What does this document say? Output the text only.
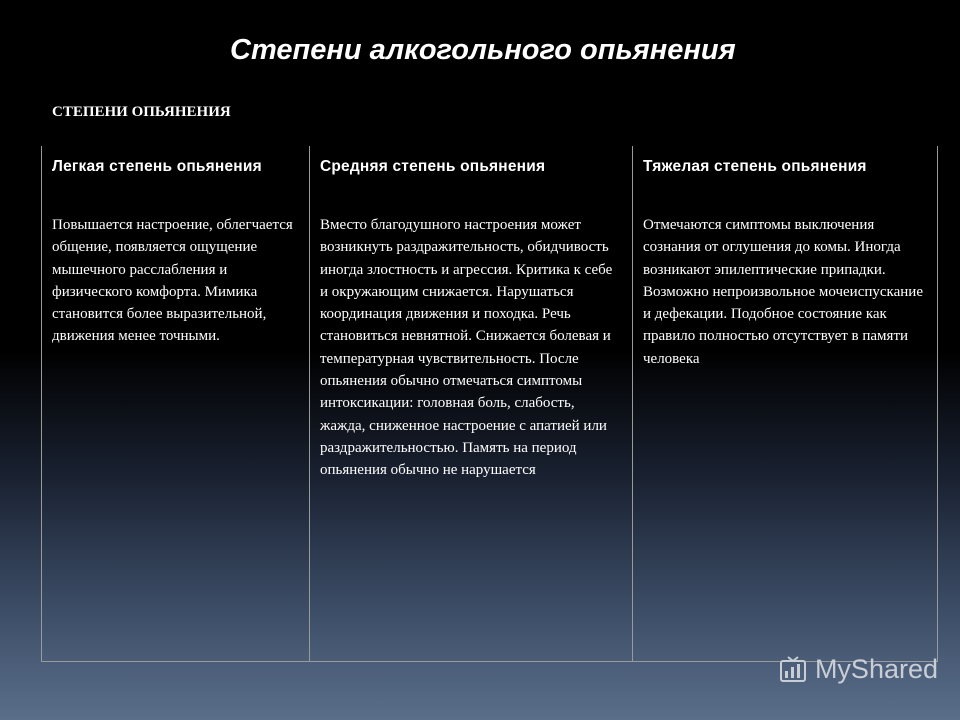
Степени алкогольного опьянения
СТЕПЕНИ ОПЬЯНЕНИЯ
Легкая степень опьянения
Повышается настроение, облегчается общение, появляется ощущение мышечного расслабления и физического комфорта. Мимика становится более выразительной, движения менее точными.
Средняя степень опьянения
Вместо благодушного настроения может возникнуть раздражительность, обидчивость иногда злостность и агрессия. Критика к себе и окружающим снижается. Нарушаться координация движения и походка. Речь становиться невнятной. Снижается болевая и температурная чувствительность. После опьянения обычно отмечаться симптомы интоксикации: головная боль, слабость, жажда, сниженное настроение с апатией или раздражительностью. Память на период опьянения обычно не нарушается
Тяжелая степень опьянения
Отмечаются симптомы выключения сознания от оглушения до комы. Иногда возникают эпилептические припадки. Возможно непроизвольное мочеиспускание и дефекации. Подобное состояние как правило полностью отсутствует в памяти человека
MyShared
